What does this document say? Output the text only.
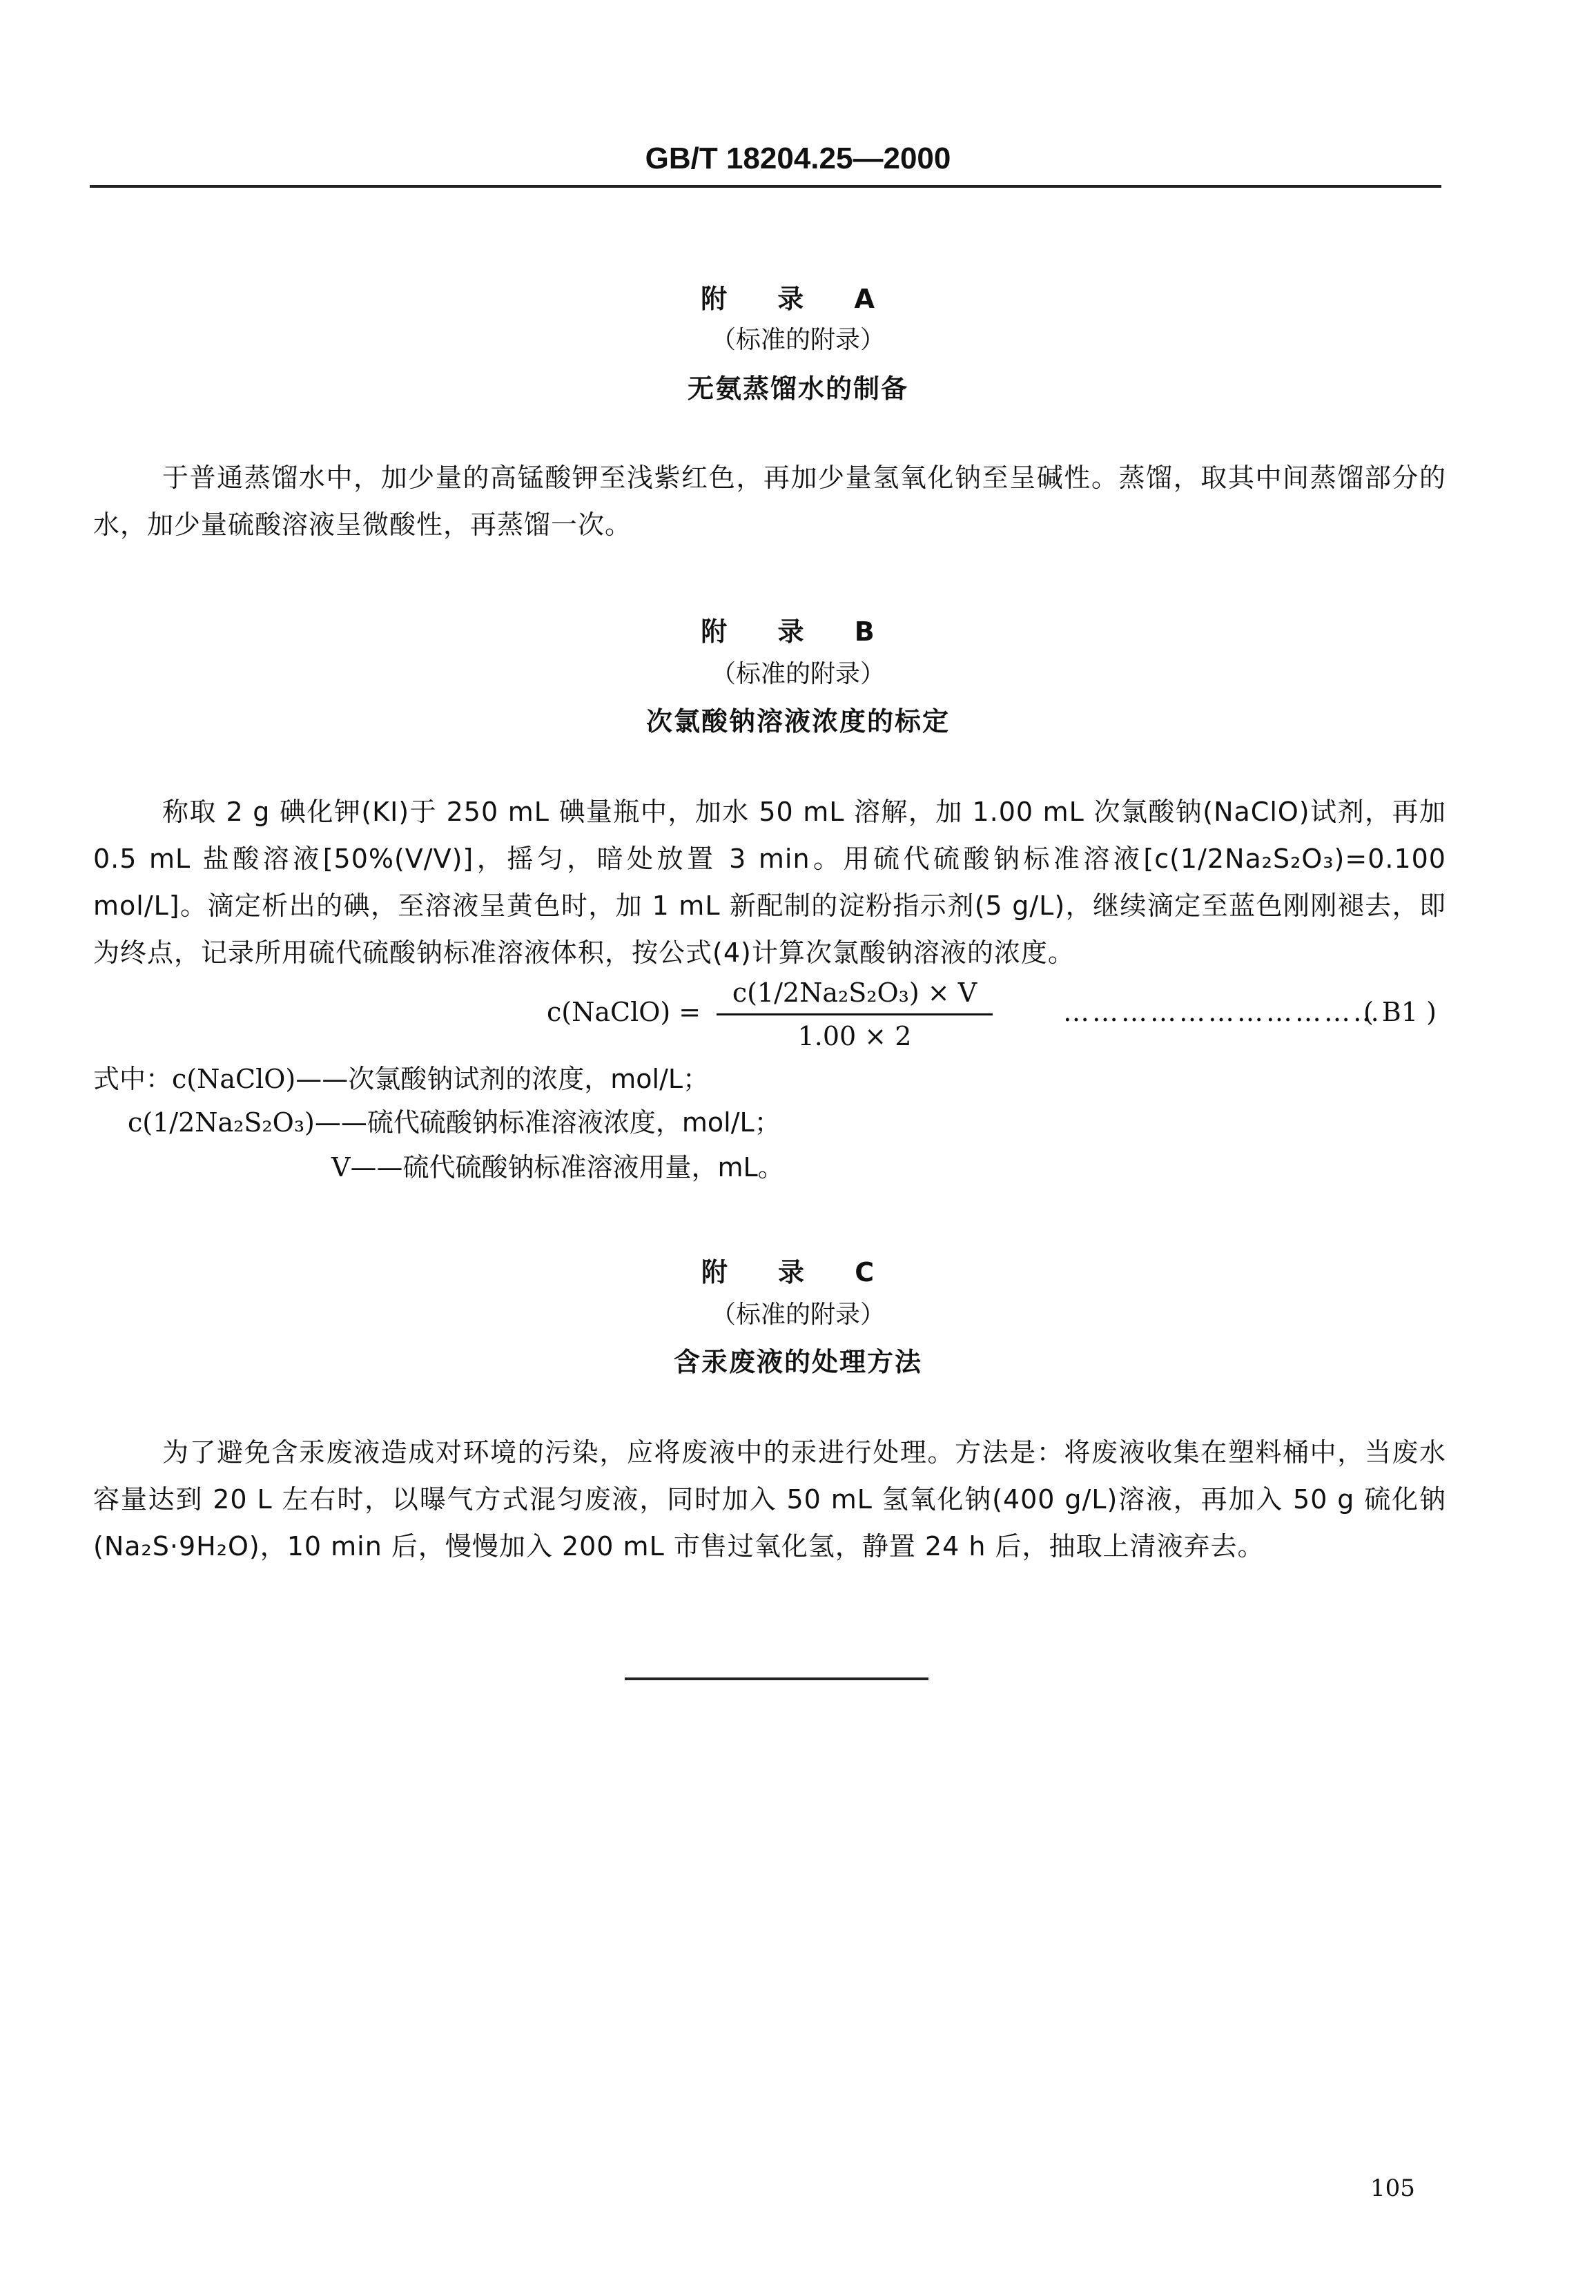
GB/T 18204.25—2000
附 录 A
（标准的附录）
无氨蒸馏水的制备
于普通蒸馏水中，加少量的高锰酸钾至浅紫红色，再加少量氢氧化钠至呈碱性。蒸馏，取其中间蒸馏部分的水，加少量硫酸溶液呈微酸性，再蒸馏一次。
附 录 B
（标准的附录）
次氯酸钠溶液浓度的标定
称取 2 g 碘化钾(KI)于 250 mL 碘量瓶中，加水 50 mL 溶解，加 1.00 mL 次氯酸钠(NaClO)试剂，再加 0.5 mL 盐酸溶液[50%(V/V)]，摇匀，暗处放置 3 min。用硫代硫酸钠标准溶液[c(1/2Na₂S₂O₃)=0.100 mol/L]。滴定析出的碘，至溶液呈黄色时，加 1 mL 新配制的淀粉指示剂(5 g/L)，继续滴定至蓝色刚刚褪去，即为终点，记录所用硫代硫酸钠标准溶液体积，按公式(4)计算次氯酸钠溶液的浓度。
c(NaClO) =
c(1/2Na₂S₂O₃) × V
1.00 × 2
……………………………
( B1 )
式中：c(NaClO)——次氯酸钠试剂的浓度，mol/L；
c(1/2Na₂S₂O₃)——硫代硫酸钠标准溶液浓度，mol/L；
V——硫代硫酸钠标准溶液用量，mL。
附 录 C
（标准的附录）
含汞废液的处理方法
为了避免含汞废液造成对环境的污染，应将废液中的汞进行处理。方法是：将废液收集在塑料桶中，当废水容量达到 20 L 左右时，以曝气方式混匀废液，同时加入 50 mL 氢氧化钠(400 g/L)溶液，再加入 50 g 硫化钠(Na₂S·9H₂O)，10 min 后，慢慢加入 200 mL 市售过氧化氢，静置 24 h 后，抽取上清液弃去。
105
